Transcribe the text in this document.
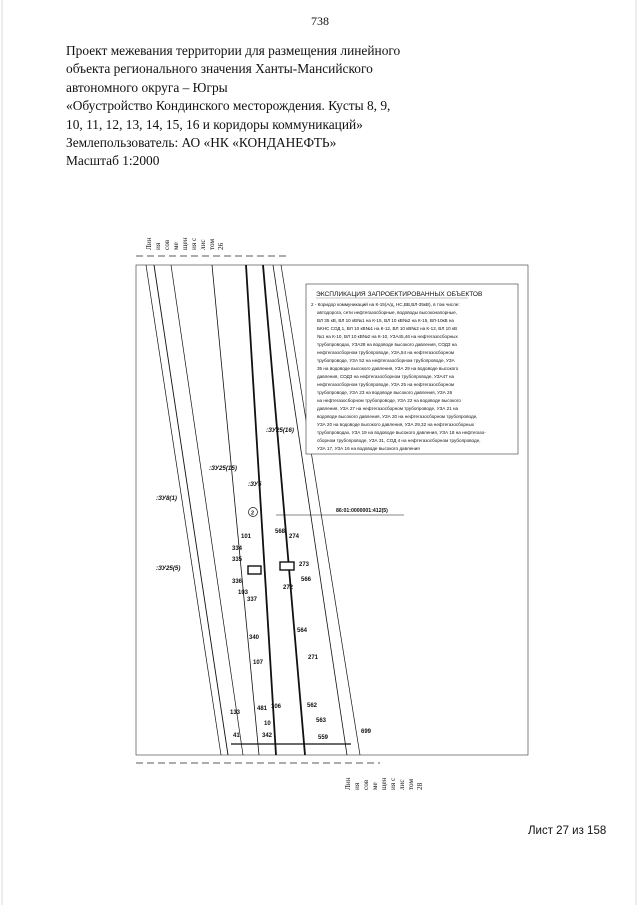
738
Проект межевания территории для размещения линейного
объекта регионального значения Ханты-Мансийского
автономного округа – Югры
«Обустройство Кондинского месторождения. Кусты 8, 9,
10, 11, 12, 13, 14, 15, 16 и коридоры коммуникаций»
Землепользователь: АО «НК «КОНДАНЕФТЬ»
Масштаб 1:2000
ЭКСПЛИКАЦИЯ ЗАПРОЕКТИРОВАННЫХ ОБЪЕКТОВ
2 - Коридор коммуникаций на К-15(А/д, НС,ВВ,ВЛ-35кВ), в том числе:
автодорога, сети нефтегазосборные, водоводы высоконапорные,
ВЛ 35 кВ, ВЛ 10 кВ№1 на К-15, ВЛ 10 кВ№2 на К-15, ВЛ-10кВ на
БКНС СОД 1, ВЛ 10 кВ№1 на К-12, ВЛ 10 кВ№2 на К-12, ВЛ 10 кВ
№1 на К-10, ВЛ 10 кВ№2 на К-10, УЗА45,46 на нефтегазосборных
трубопроводах, УЗА28 на водоводе высокого давления, СОД3 на
нефтегазосборном трубопроводе, УЗА,54 на нефтегазосборном
трубопроводе, УЗА 52 на нефтегазосборном трубопроводе, УЗА
35 на водоводе высокого давления, УЗА 29 на водоводе высокого
давления, СОД3 на нефтегазосборном трубопроводе, УЗА47 на
нефтегазосборном трубопроводе, УЗА 25 на нефтегазосборном
трубопроводе, УЗА 23 на водоводе высокого давления, УЗА 26
на нефтегазосборном трубопроводе, УЗА 22 на водоводе высокого
давления, УЗА 27 на нефтегазосборном трубопроводе, УЗА 21 на
водоводе высокого давления, УЗА 20 на нефтегазосборном трубопроводе,
УЗА 20 на водоводе высокого давления, УЗА 29,32 на нефтегазосборных
трубопроводах, УЗА 19 на водоводе высокого давления, УЗА 18 на нефтегазо-
сборном трубопроводе, УЗА 31, СОД 4 на нефтегазосборном трубопроводе,
УЗА 17, УЗА 16 на водоводе высокого давления
Лин ия сов ме щен ия с лис том 26
Лин ия сов ме щен ия с лис том 28
:ЗУ25(16)
:ЗУ25(15)
:ЗУ5
:ЗУ8(1)
:ЗУ25(5)
86:01:0000001:412(5)
2
101
334
335
336
103
337
568
274
273
566
272
340
107
564
271
133
41
481 106
10
342
562
563
559
699
Лист 27 из 158
